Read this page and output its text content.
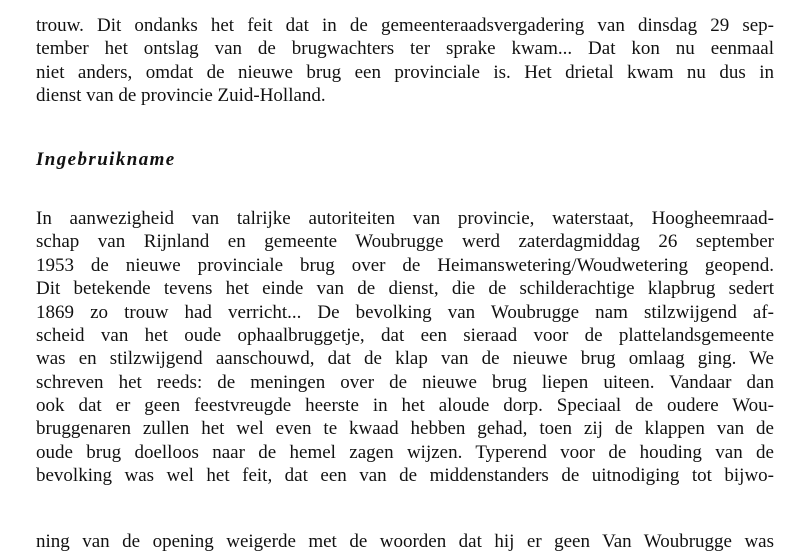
trouw. Dit ondanks het feit dat in de gemeenteraadsvergadering van dinsdag 29 sep-
tember het ontslag van de brugwachters ter sprake kwam... Dat kon nu eenmaal
niet anders, omdat de nieuwe brug een provinciale is. Het drietal kwam nu dus in
dienst van de provincie Zuid-Holland.
Ingebruikname
In aanwezigheid van talrijke autoriteiten van provincie, waterstaat, Hoogheemraad-
schap van Rijnland en gemeente Woubrugge werd zaterdagmiddag 26 september
1953 de nieuwe provinciale brug over de Heimanswetering/Woudwetering geopend.
Dit betekende tevens het einde van de dienst, die de schilderachtige klapbrug sedert
1869 zo trouw had verricht... De bevolking van Woubrugge nam stilzwijgend af-
scheid van het oude ophaalbruggetje, dat een sieraad voor de plattelandsgemeente
was en stilzwijgend aanschouwd, dat de klap van de nieuwe brug omlaag ging. We
schreven het reeds: de meningen over de nieuwe brug liepen uiteen. Vandaar dan
ook dat er geen feestvreugde heerste in het aloude dorp. Speciaal de oudere Wou-
bruggenaren zullen het wel even te kwaad hebben gehad, toen zij de klappen van de
oude brug doelloos naar de hemel zagen wijzen. Typerend voor de houding van de
bevolking was wel het feit, dat een van de middenstanders de uitnodiging tot bijwo-
ning van de opening weigerde met de woorden dat hij er geen Van Woubrugge was
